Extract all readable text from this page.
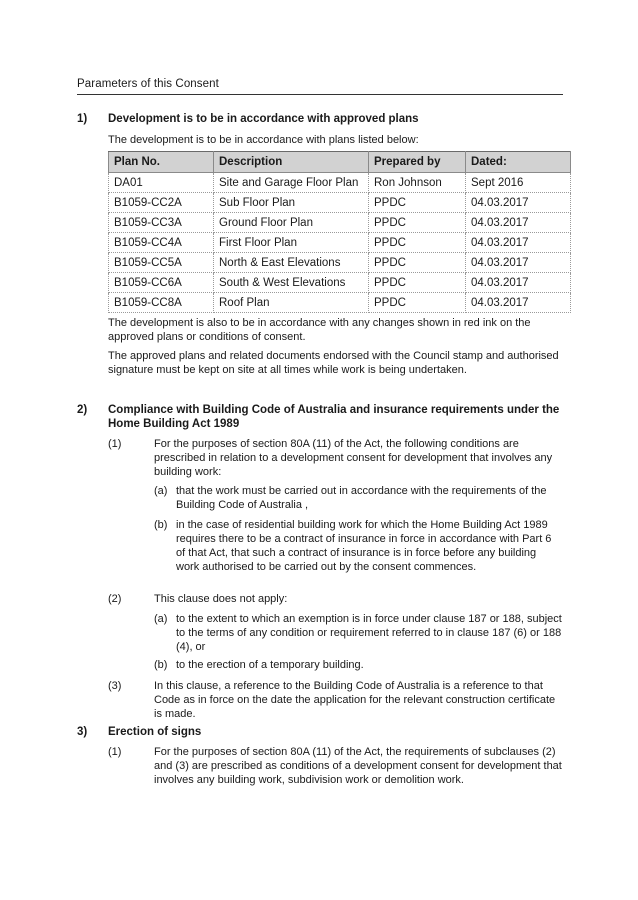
Parameters of this Consent
1) Development is to be in accordance with approved plans
The development is to be in accordance with plans listed below:
Plan No.	Description	Prepared by	Dated:
DA01	Site and Garage Floor Plan	Ron Johnson	Sept 2016
B1059-CC2A	Sub Floor Plan	PPDC	04.03.2017
B1059-CC3A	Ground Floor Plan	PPDC	04.03.2017
B1059-CC4A	First Floor Plan	PPDC	04.03.2017
B1059-CC5A	North & East Elevations	PPDC	04.03.2017
B1059-CC6A	South & West Elevations	PPDC	04.03.2017
B1059-CC8A	Roof Plan	PPDC	04.03.2017
The development is also to be in accordance with any changes shown in red ink on the approved plans or conditions of consent.
The approved plans and related documents endorsed with the Council stamp and authorised signature must be kept on site at all times while work is being undertaken.
2) Compliance with Building Code of Australia and insurance requirements under the Home Building Act 1989
(1)	For the purposes of section 80A (11) of the Act, the following conditions are prescribed in relation to a development consent for development that involves any building work:
(a) that the work must be carried out in accordance with the requirements of the Building Code of Australia ,
(b) in the case of residential building work for which the Home Building Act 1989 requires there to be a contract of insurance in force in accordance with Part 6 of that Act, that such a contract of insurance is in force before any building work authorised to be carried out by the consent commences.
(2)	This clause does not apply:
(a) to the extent to which an exemption is in force under clause 187 or 188, subject to the terms of any condition or requirement referred to in clause 187 (6) or 188 (4), or
(b) to the erection of a temporary building.
(3)	In this clause, a reference to the Building Code of Australia is a reference to that Code as in force on the date the application for the relevant construction certificate is made.
3) Erection of signs
(1)	For the purposes of section 80A (11) of the Act, the requirements of subclauses (2) and (3) are prescribed as conditions of a development consent for development that involves any building work, subdivision work or demolition work.
